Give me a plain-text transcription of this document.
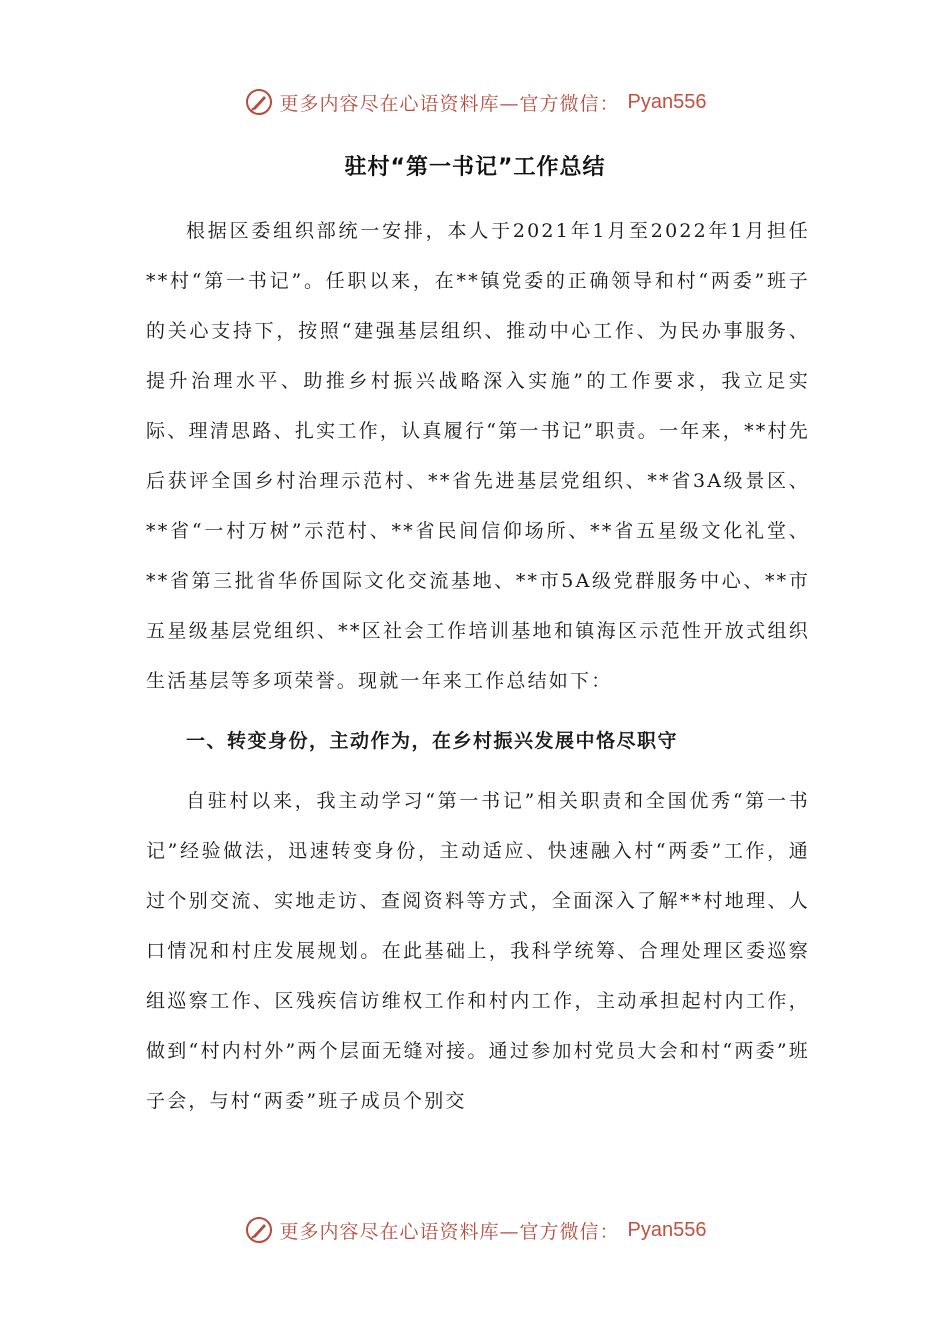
更多内容尽在心语资料库—官方微信： Pyan556
驻村“第一书记”工作总结

根据区委组织部统一安排，本人于2021年1月至2022年1月担任**村“第一书记”。任职以来，在**镇党委的正确领导和村“两委”班子的关心支持下，按照“建强基层组织、推动中心工作、为民办事服务、提升治理水平、助推乡村振兴战略深入实施”的工作要求，我立足实际、理清思路、扎实工作，认真履行“第一书记”职责。一年来，**村先后获评全国乡村治理示范村、**省先进基层党组织、**省3A级景区、**省“一村万树”示范村、**省民间信仰场所、**省五星级文化礼堂、**省第三批省华侨国际文化交流基地、**市5A级党群服务中心、**市五星级基层党组织、**区社会工作培训基地和镇海区示范性开放式组织生活基层等多项荣誉。现就一年来工作总结如下：

一、转变身份，主动作为，在乡村振兴发展中恪尽职守

自驻村以来，我主动学习“第一书记”相关职责和全国优秀“第一书记”经验做法，迅速转变身份，主动适应、快速融入村“两委”工作，通过个别交流、实地走访、查阅资料等方式，全面深入了解**村地理、人口情况和村庄发展规划。在此基础上，我科学统筹、合理处理区委巡察组巡察工作、区残疾信访维权工作和村内工作，主动承担起村内工作，做到“村内村外”两个层面无缝对接。通过参加村党员大会和村“两委”班子会，与村“两委”班子成员个别交

更多内容尽在心语资料库—官方微信： Pyan556
